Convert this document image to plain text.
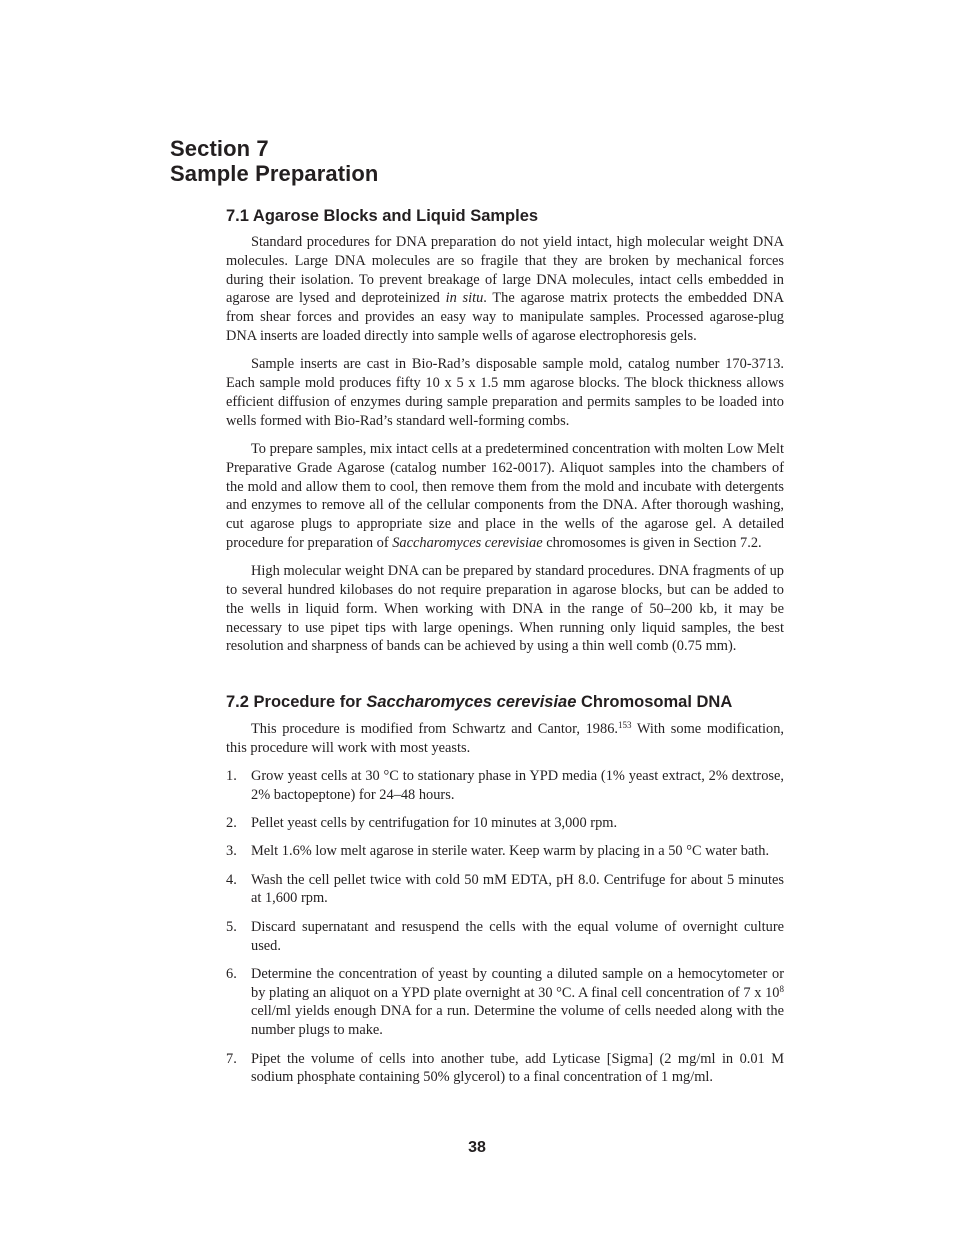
Section 7
Sample Preparation
7.1 Agarose Blocks and Liquid Samples

Standard procedures for DNA preparation do not yield intact, high molecular weight DNA molecules. Large DNA molecules are so fragile that they are broken by mechanical forces during their isolation. To prevent breakage of large DNA molecules, intact cells embedded in agarose are lysed and deproteinized in situ. The agarose matrix protects the embedded DNA from shear forces and provides an easy way to manipulate samples. Processed agarose-plug DNA inserts are loaded directly into sample wells of agarose electrophoresis gels.

Sample inserts are cast in Bio-Rad’s disposable sample mold, catalog number 170-3713. Each sample mold produces fifty 10 x 5 x 1.5 mm agarose blocks. The block thickness allows efficient diffusion of enzymes during sample preparation and permits samples to be loaded into wells formed with Bio-Rad’s standard well-forming combs.

To prepare samples, mix intact cells at a predetermined concentration with molten Low Melt Preparative Grade Agarose (catalog number 162-0017). Aliquot samples into the chambers of the mold and allow them to cool, then remove them from the mold and incubate with detergents and enzymes to remove all of the cellular components from the DNA. After thorough washing, cut agarose plugs to appropriate size and place in the wells of the agarose gel. A detailed procedure for preparation of Saccharomyces cerevisiae chromosomes is given in Section 7.2.

High molecular weight DNA can be prepared by standard procedures. DNA fragments of up to several hundred kilobases do not require preparation in agarose blocks, but can be added to the wells in liquid form. When working with DNA in the range of 50–200 kb, it may be necessary to use pipet tips with large openings. When running only liquid samples, the best resolution and sharpness of bands can be achieved by using a thin well comb (0.75 mm).

7.2 Procedure for Saccharomyces cerevisiae Chromosomal DNA

This procedure is modified from Schwartz and Cantor, 1986.$^{153}$ With some modification, this procedure will work with most yeasts.

1. Grow yeast cells at 30 °C to stationary phase in YPD media (1% yeast extract, 2% dextrose, 2% bactopeptone) for 24–48 hours.
2. Pellet yeast cells by centrifugation for 10 minutes at 3,000 rpm.
3. Melt 1.6% low melt agarose in sterile water. Keep warm by placing in a 50 °C water bath.
4. Wash the cell pellet twice with cold 50 mM EDTA, pH 8.0. Centrifuge for about 5 minutes at 1,600 rpm.
5. Discard supernatant and resuspend the cells with the equal volume of overnight culture used.
6. Determine the concentration of yeast by counting a diluted sample on a hemocytometer or by plating an aliquot on a YPD plate overnight at 30 °C. A final cell concentration of 7 x $10^8$ cell/ml yields enough DNA for a run. Determine the volume of cells needed along with the number plugs to make.
7. Pipet the volume of cells into another tube, add Lyticase [Sigma] (2 mg/ml in 0.01 M sodium phosphate containing 50% glycerol) to a final concentration of 1 mg/ml.
38
